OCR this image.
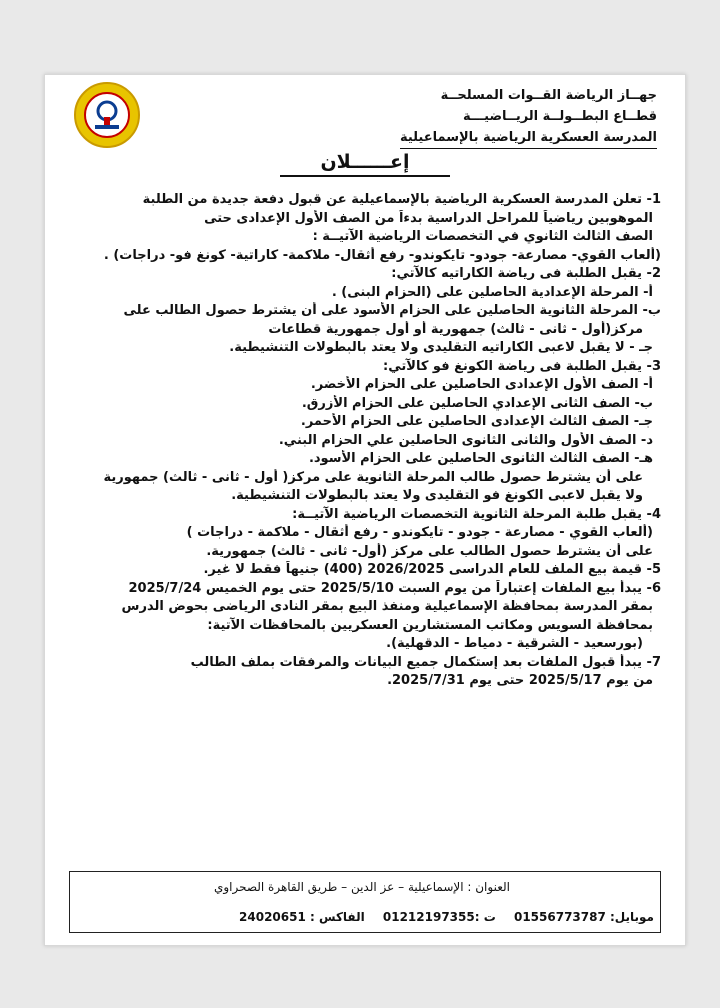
جهــاز الرياضة القــوات المسلحــة
قطــاع البطــولــة الريــاضيـــة
المدرسة العسكرية الرياضية بالإسماعيلية
إعــــــلان

1- تعلن المدرسة العسكرية الرياضية بالإسماعيلية عن قبول دفعة جديدة من الطلبة

الموهوبين رياضياً للمراحل الدراسية بدءاً من الصف الأول الإعدادى حتى

الصف الثالث الثانوي في التخصصات الرياضية الآتيــة :

(ألعاب القوي- مصارعة- جودو- تايكوندو- رفع أثقال- ملاكمة- كاراتية- كونغ فو- دراجات) .

2- يقبل الطلبة فى رياضة الكاراتيه كالآتي:

أ- المرحلة الإعدادية الحاصلين على (الحزام البنى) .

ب- المرحلة الثانوية الحاصلين على الحزام الأسود على أن يشترط حصول الطالب على

مركز(أول - ثانى - ثالث) جمهورية أو أول جمهورية قطاعات

جـ - لا يقبل لاعبى الكاراتيه التقليدى ولا يعتد بالبطولات التنشيطية.

3- يقبل الطلبة فى رياضة الكونغ فو كالآتي:

أ- الصف الأول الإعدادى الحاصلين على الحزام الأخضر.

ب- الصف الثانى الإعدادي الحاصلين على الحزام الأزرق.

جـ- الصف الثالث الإعدادى الحاصلين على الحزام الأحمر.

د- الصف الأول والثانى الثانوى الحاصلين علي الحزام البني.

هـ- الصف الثالث الثانوى الحاصلين على الحزام الأسود.

على أن يشترط حصول طالب المرحلة الثانوية على مركز( أول - ثانى - ثالث) جمهورية

ولا يقبل لاعبى الكونغ فو التقليدى ولا يعتد بالبطولات التنشيطية.

4- يقبل طلبة المرحلة الثانوية التخصصات الرياضية الآتيــة:

(ألعاب القوي - مصارعة - جودو - تايكوندو - رفع أثقال - ملاكمة - دراجات )

على أن يشترط حصول الطالب على مركز (أول- ثانى - ثالث) جمهورية.

5- قيمة بيع الملف للعام الدراسى 2026/2025 (400) جنيهاً فقط لا غير.

6- يبدأ بيع الملفات إعتباراً من يوم السبت 2025/5/10 حتى يوم الخميس 2025/7/24

بمقر المدرسة بمحافظة الإسماعيلية ومنفذ البيع بمقر النادى الرياضى بحوض الدرس

بمحافظة السويس ومكاتب المستشارين العسكريين بالمحافظات الآتية:

(بورسعيد - الشرقية - دمياط - الدقهلية).

7- يبدأ قبول الملفات بعد إستكمال جميع البيانات والمرفقات بملف الطالب

من يوم 2025/5/17 حتى يوم 2025/7/31.

العنوان : الإسماعيلية – عز الدين – طريق القاهرة الصحراوي
موبايل: 01556773787 ت :01212197355 الفاكس : 24020651
